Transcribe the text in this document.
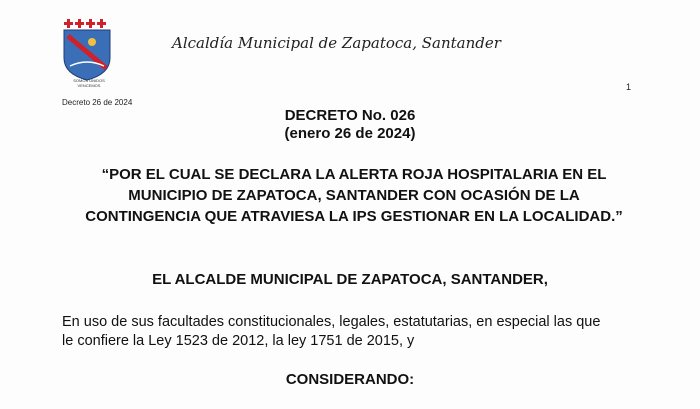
SOMOS UNIDOS VENCEMOS
Alcaldía Municipal de Zapatoca, Santander
Decreto 26 de 2024
1
DECRETO No. 026
(enero 26 de 2024)
“POR EL CUAL SE DECLARA LA ALERTA ROJA HOSPITALARIA EN EL
MUNICIPIO DE ZAPATOCA, SANTANDER CON OCASIÓN DE LA
CONTINGENCIA QUE ATRAVIESA LA IPS GESTIONAR EN LA LOCALIDAD.”
EL ALCALDE MUNICIPAL DE ZAPATOCA, SANTANDER,
En uso de sus facultades constitucionales, legales, estatutarias, en especial las que
le confiere la Ley 1523 de 2012, la ley 1751 de 2015, y
CONSIDERANDO:
